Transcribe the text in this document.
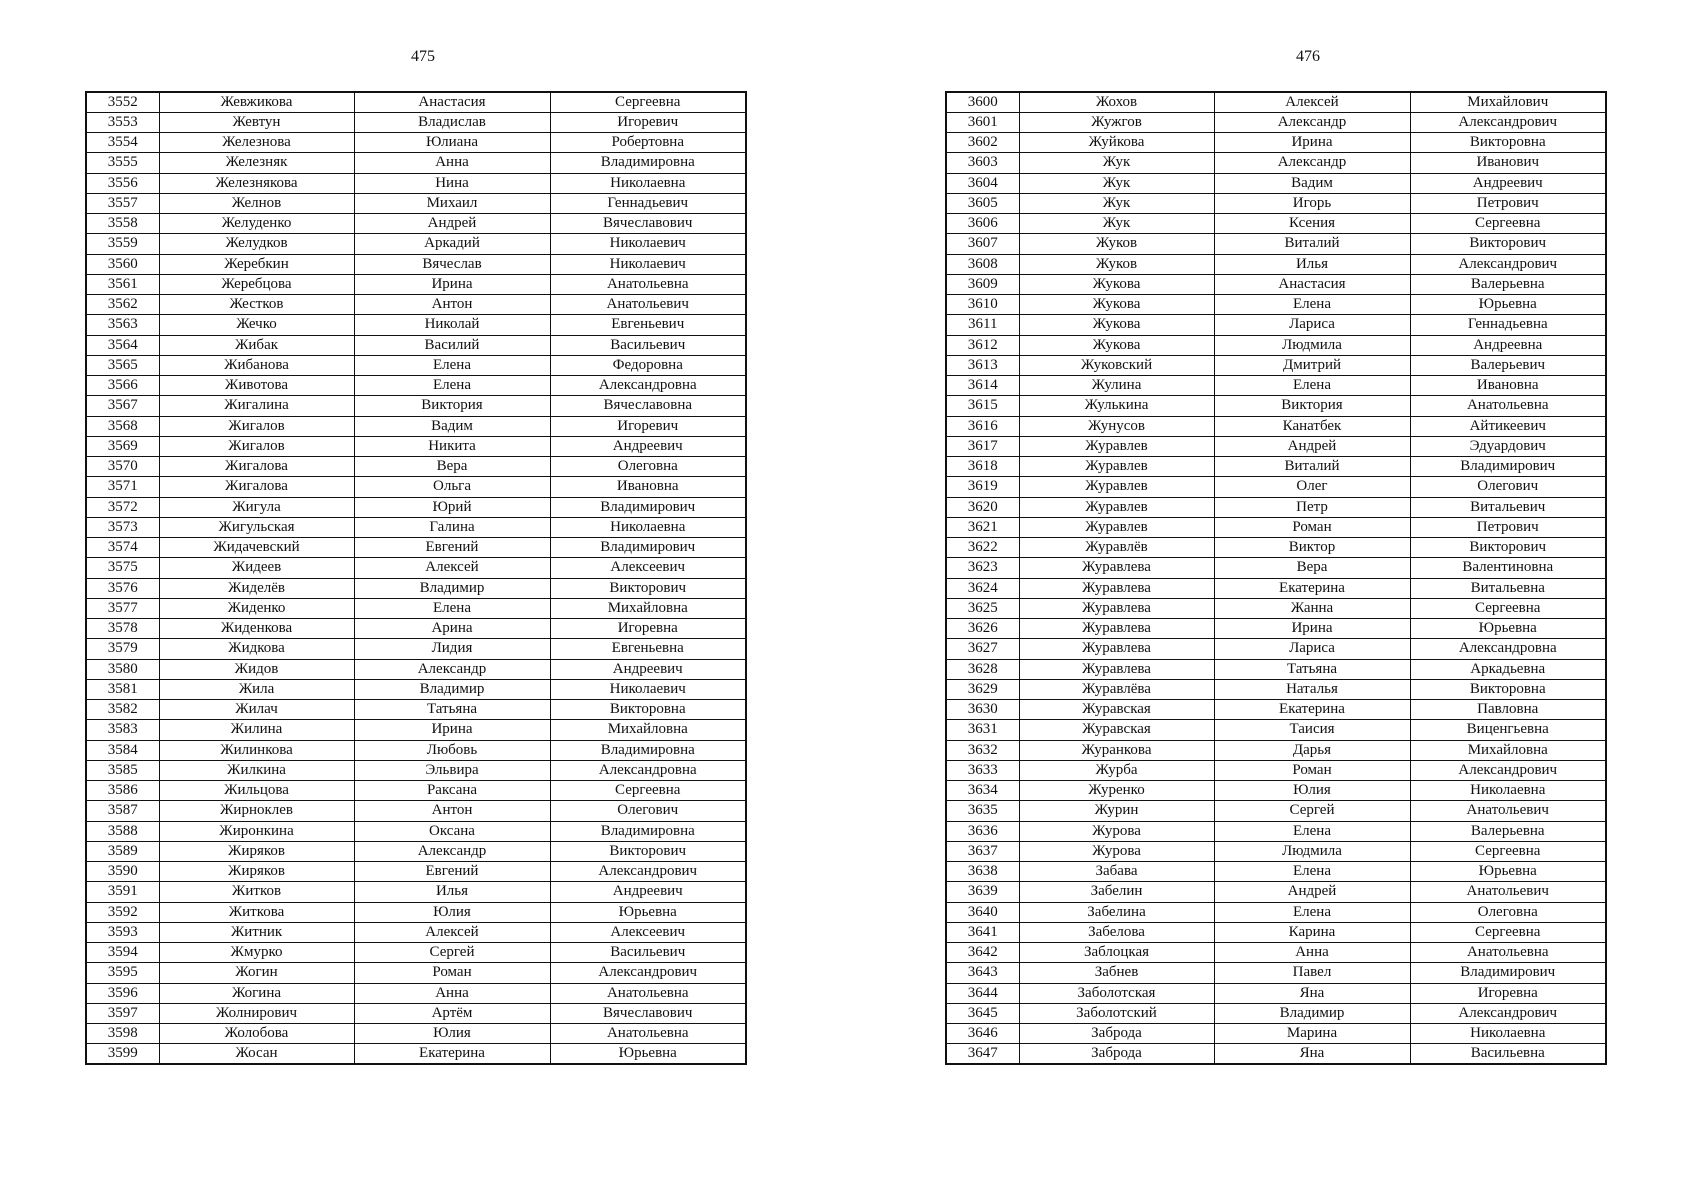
475
3552	Жевжикова	Анастасия	Сергеевна
3553	Жевтун	Владислав	Игоревич
3554	Железнова	Юлиана	Робертовна
3555	Железняк	Анна	Владимировна
3556	Железнякова	Нина	Николаевна
3557	Желнов	Михаил	Геннадьевич
3558	Желуденко	Андрей	Вячеславович
3559	Желудков	Аркадий	Николаевич
3560	Жеребкин	Вячеслав	Николаевич
3561	Жеребцова	Ирина	Анатольевна
3562	Жестков	Антон	Анатольевич
3563	Жечко	Николай	Евгеньевич
3564	Жибак	Василий	Васильевич
3565	Жибанова	Елена	Федоровна
3566	Животова	Елена	Александровна
3567	Жигалина	Виктория	Вячеславовна
3568	Жигалов	Вадим	Игоревич
3569	Жигалов	Никита	Андреевич
3570	Жигалова	Вера	Олеговна
3571	Жигалова	Ольга	Ивановна
3572	Жигула	Юрий	Владимирович
3573	Жигульская	Галина	Николаевна
3574	Жидачевский	Евгений	Владимирович
3575	Жидеев	Алексей	Алексеевич
3576	Жиделёв	Владимир	Викторович
3577	Жиденко	Елена	Михайловна
3578	Жиденкова	Арина	Игоревна
3579	Жидкова	Лидия	Евгеньевна
3580	Жидов	Александр	Андреевич
3581	Жила	Владимир	Николаевич
3582	Жилач	Татьяна	Викторовна
3583	Жилина	Ирина	Михайловна
3584	Жилинкова	Любовь	Владимировна
3585	Жилкина	Эльвира	Александровна
3586	Жильцова	Раксана	Сергеевна
3587	Жирноклев	Антон	Олегович
3588	Жиронкина	Оксана	Владимировна
3589	Жиряков	Александр	Викторович
3590	Жиряков	Евгений	Александрович
3591	Житков	Илья	Андреевич
3592	Житкова	Юлия	Юрьевна
3593	Житник	Алексей	Алексеевич
3594	Жмурко	Сергей	Васильевич
3595	Жогин	Роман	Александрович
3596	Жогина	Анна	Анатольевна
3597	Жолнирович	Артём	Вячеславович
3598	Жолобова	Юлия	Анатольевна
3599	Жосан	Екатерина	Юрьевна
476
3600	Жохов	Алексей	Михайлович
3601	Жужгов	Александр	Александрович
3602	Жуйкова	Ирина	Викторовна
3603	Жук	Александр	Иванович
3604	Жук	Вадим	Андреевич
3605	Жук	Игорь	Петрович
3606	Жук	Ксения	Сергеевна
3607	Жуков	Виталий	Викторович
3608	Жуков	Илья	Александрович
3609	Жукова	Анастасия	Валерьевна
3610	Жукова	Елена	Юрьевна
3611	Жукова	Лариса	Геннадьевна
3612	Жукова	Людмила	Андреевна
3613	Жуковский	Дмитрий	Валерьевич
3614	Жулина	Елена	Ивановна
3615	Жулькина	Виктория	Анатольевна
3616	Жунусов	Канатбек	Айтикеевич
3617	Журавлев	Андрей	Эдуардович
3618	Журавлев	Виталий	Владимирович
3619	Журавлев	Олег	Олегович
3620	Журавлев	Петр	Витальевич
3621	Журавлев	Роман	Петрович
3622	Журавлёв	Виктор	Викторович
3623	Журавлева	Вера	Валентиновна
3624	Журавлева	Екатерина	Витальевна
3625	Журавлева	Жанна	Сергеевна
3626	Журавлева	Ирина	Юрьевна
3627	Журавлева	Лариса	Александровна
3628	Журавлева	Татьяна	Аркадьевна
3629	Журавлёва	Наталья	Викторовна
3630	Журавская	Екатерина	Павловна
3631	Журавская	Таисия	Виценгьевна
3632	Журанкова	Дарья	Михайловна
3633	Журба	Роман	Александрович
3634	Журенко	Юлия	Николаевна
3635	Журин	Сергей	Анатольевич
3636	Журова	Елена	Валерьевна
3637	Журова	Людмила	Сергеевна
3638	Забава	Елена	Юрьевна
3639	Забелин	Андрей	Анатольевич
3640	Забелина	Елена	Олеговна
3641	Забелова	Карина	Сергеевна
3642	Заблоцкая	Анна	Анатольевна
3643	Забнев	Павел	Владимирович
3644	Заболотская	Яна	Игоревна
3645	Заболотский	Владимир	Александрович
3646	Заброда	Марина	Николаевна
3647	Заброда	Яна	Васильевна
